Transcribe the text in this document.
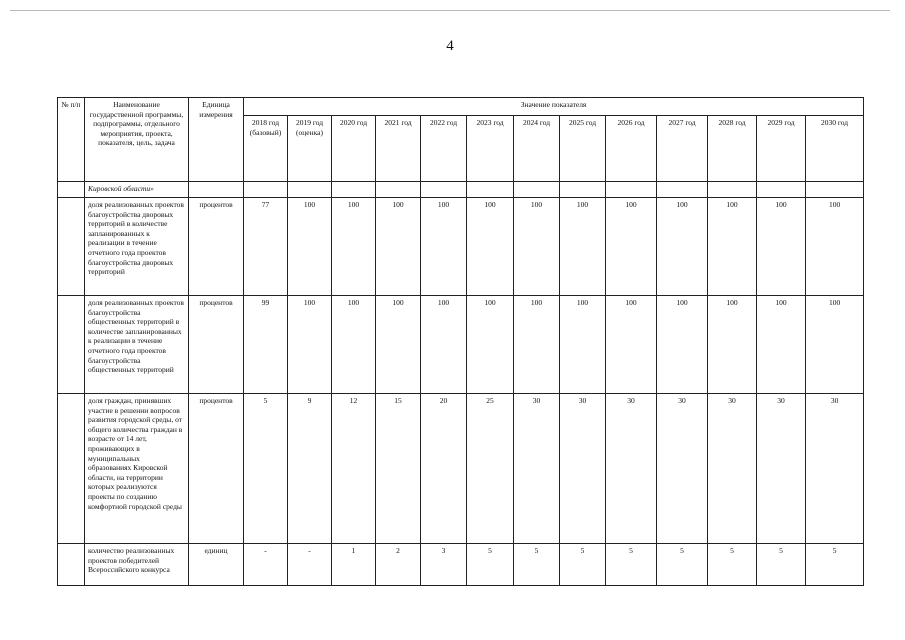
4
№ п/п	Наименование государственной программы, подпрограммы, отдельного мероприятия, проекта, показателя, цель, задача	Единица измерения	Значение показателя												
			2018 год (базовый)	2019 год (оценка)	2020 год	2021 год	2022 год	2023 год	2024 год	2025 год	2026 год	2027 год	2028 год	2029 год	2030 год
	Кировской области»														
	доля реализованных проектов благоустройства дворовых территорий в количестве запланированных к реализации в течение отчетного года проектов благоустройства дворовых территорий	процентов	77	100	100	100	100	100	100	100	100	100	100	100	100
	доля реализованных проектов благоустройства общественных территорий в количестве запланированных к реализации в течение отчетного года проектов благоустройства общественных территорий	процентов	99	100	100	100	100	100	100	100	100	100	100	100	100
	доля граждан, принявших участие в решении вопросов развития городской среды, от общего количества граждан в возрасте от 14 лет, проживающих в муниципальных образованиях Кировской области, на территории которых реализуются проекты по созданию комфортной городской среды	процентов	5	9	12	15	20	25	30	30	30	30	30	30	30
	количество реализованных проектов победителей Всероссийского конкурса	единиц	-	-	1	2	3	5	5	5	5	5	5	5	5
